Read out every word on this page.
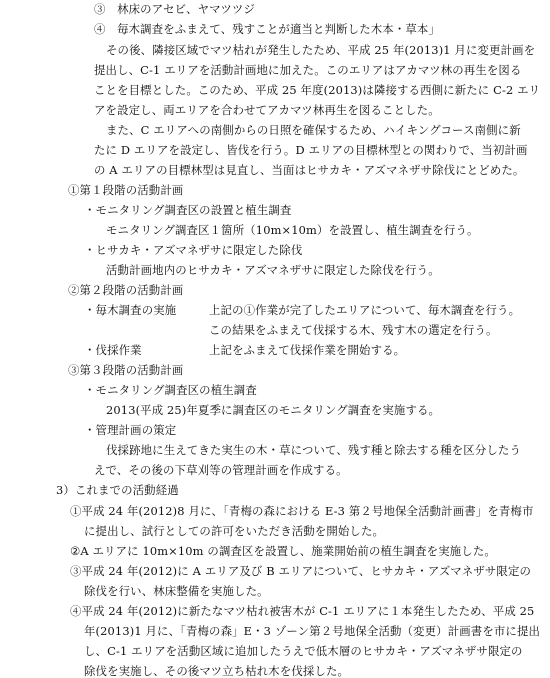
③　林床のアセビ、ヤマツツジ
④　毎木調査をふまえて、残すことが適当と判断した木本・草本」
その後、隣接区域でマツ枯れが発生したため、平成 25 年(2013)1 月に変更計画を
提出し、C-1 エリアを活動計画地に加えた。このエリアはアカマツ林の再生を図る
ことを目標とした。このため、平成 25 年度(2013)は隣接する西側に新たに C-2 エリ
アを設定し、両エリアを合わせてアカマツ林再生を図ることした。
また、C エリアへの南側からの日照を確保するため、ハイキングコース南側に新
たに D エリアを設定し、皆伐を行う。D エリアの目標林型との関わりで、当初計画
の A エリアの目標林型は見直し、当面はヒサカキ・アズマネザサ除伐にとどめた。
①第１段階の活動計画
・モニタリング調査区の設置と植生調査
モニタリング調査区１箇所（10m×10m）を設置し、植生調査を行う。
・ヒサカキ・アズマネザサに限定した除伐
活動計画地内のヒサカキ・アズマネザサに限定した除伐を行う。
②第２段階の活動計画
・毎木調査の実施	上記の①作業が完了したエリアについて、毎木調査を行う。
この結果をふまえて伐採する木、残す木の選定を行う。
・伐採作業	上記をふまえて伐採作業を開始する。
③第３段階の活動計画
・モニタリング調査区の植生調査
2013(平成 25)年夏季に調査区のモニタリング調査を実施する。
・管理計画の策定
伐採跡地に生えてきた実生の木・草について、残す種と除去する種を区分したう
えで、その後の下草刈等の管理計画を作成する。
3）これまでの活動経過
①平成 24 年(2012)8 月に、「青梅の森における E-3 第２号地保全活動計画書」を青梅市
に提出し、試行としての許可をいただき活動を開始した。
②A エリアに 10m×10m の調査区を設置し、施業開始前の植生調査を実施した。
③平成 24 年(2012)に A エリア及び B エリアについて、ヒサカキ・アズマネザサ限定の
除伐を行い、林床整備を実施した。
④平成 24 年(2012)に新たなマツ枯れ被害木が C-1 エリアに１本発生したため、平成 25
年(2013)1 月に、「青梅の森」E・3 ゾーン第２号地保全活動（変更）計画書を市に提出
し、C-1 エリアを活動区域に追加したうえで低木層のヒサカキ・アズマネザサ限定の
除伐を実施し、その後マツ立ち枯れ木を伐採した。
